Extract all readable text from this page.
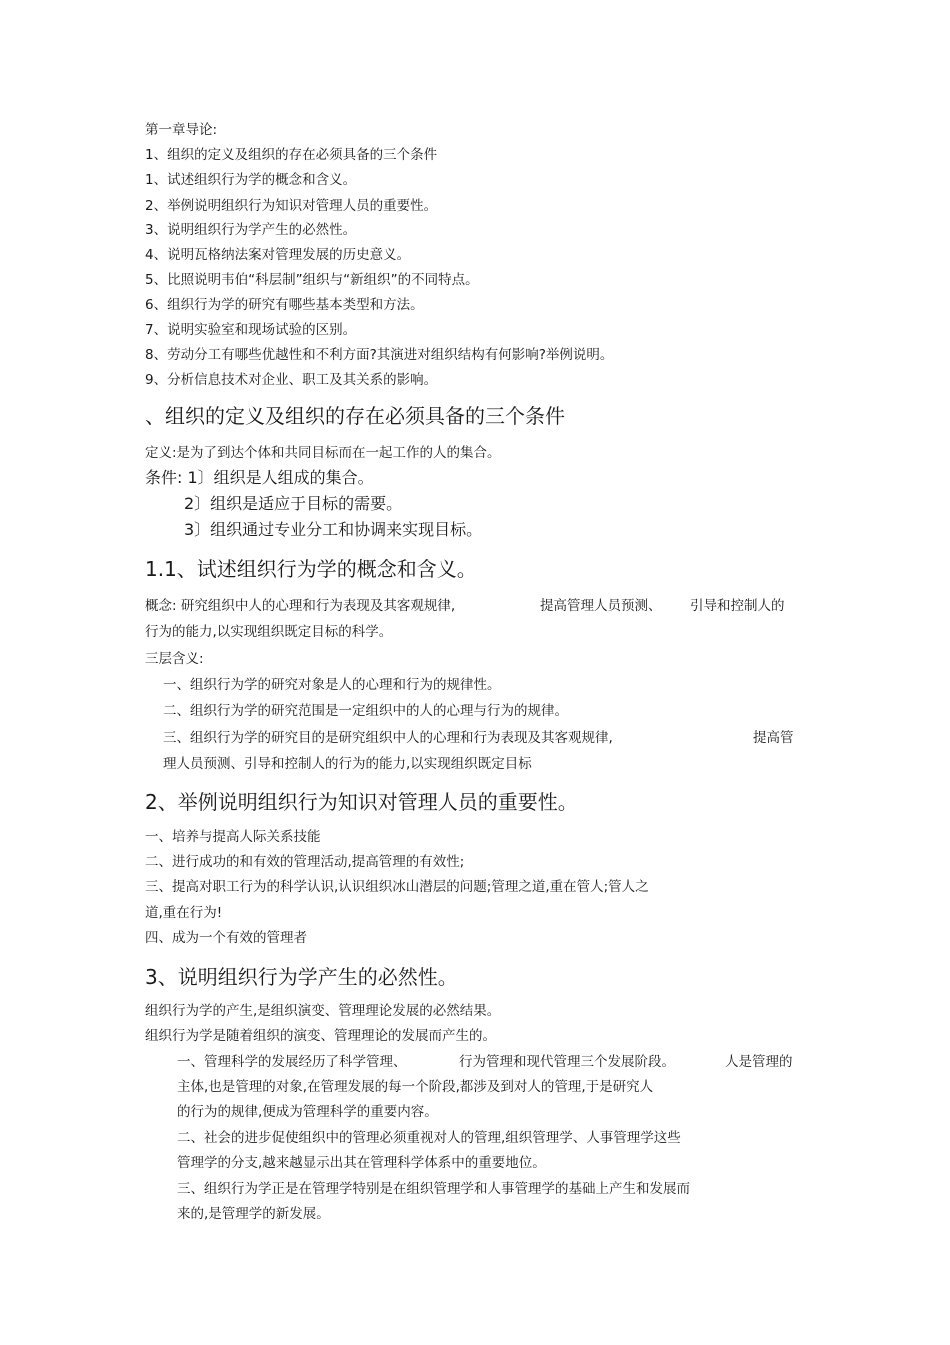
第一章导论:
1、组织的定义及组织的存在必须具备的三个条件
1、试述组织行为学的概念和含义。
2、举例说明组织行为知识对管理人员的重要性。
3、说明组织行为学产生的必然性。
4、说明瓦格纳法案对管理发展的历史意义。
5、比照说明韦伯“科层制”组织与“新组织”的不同特点。
6、组织行为学的研究有哪些基本类型和方法。
7、说明实验室和现场试验的区别。
8、劳动分工有哪些优越性和不利方面?其演进对组织结构有何影响?举例说明。
9、分析信息技术对企业、职工及其关系的影响。
、组织的定义及组织的存在必须具备的三个条件
定义:是为了到达个体和共同目标而在一起工作的人的集合。
条件: 1〕组织是人组成的集合。
2〕组织是适应于目标的需要。
3〕组织通过专业分工和协调来实现目标。
1.1、试述组织行为学的概念和含义。
概念: 研究组织中人的心理和行为表现及其客观规律,	提高管理人员预测、 引导和控制人的
行为的能力,以实现组织既定目标的科学。
三层含义:
一、组织行为学的研究对象是人的心理和行为的规律性。
二、组织行为学的研究范围是一定组织中的人的心理与行为的规律。
三、组织行为学的研究目的是研究组织中人的心理和行为表现及其客观规律,	提高管
理人员预测、引导和控制人的行为的能力,以实现组织既定目标
2、举例说明组织行为知识对管理人员的重要性。
一、培养与提高人际关系技能
二、进行成功的和有效的管理活动,提高管理的有效性;
三、提高对职工行为的科学认识,认识组织冰山潜层的问题;管理之道,重在管人;管人之
道,重在行为!
四、成为一个有效的管理者
3、说明组织行为学产生的必然性。
组织行为学的产生,是组织演变、管理理论发展的必然结果。
组织行为学是随着组织的演变、管理理论的发展而产生的。
一、管理科学的发展经历了科学管理、	行为管理和现代管理三个发展阶段。	人是管理的
主体,也是管理的对象,在管理发展的每一个阶段,都涉及到对人的管理,于是研究人
的行为的规律,便成为管理科学的重要内容。
二、社会的进步促使组织中的管理必须重视对人的管理,组织管理学、人事管理学这些
管理学的分支,越来越显示出其在管理科学体系中的重要地位。
三、组织行为学正是在管理学特别是在组织管理学和人事管理学的基础上产生和发展而
来的,是管理学的新发展。
